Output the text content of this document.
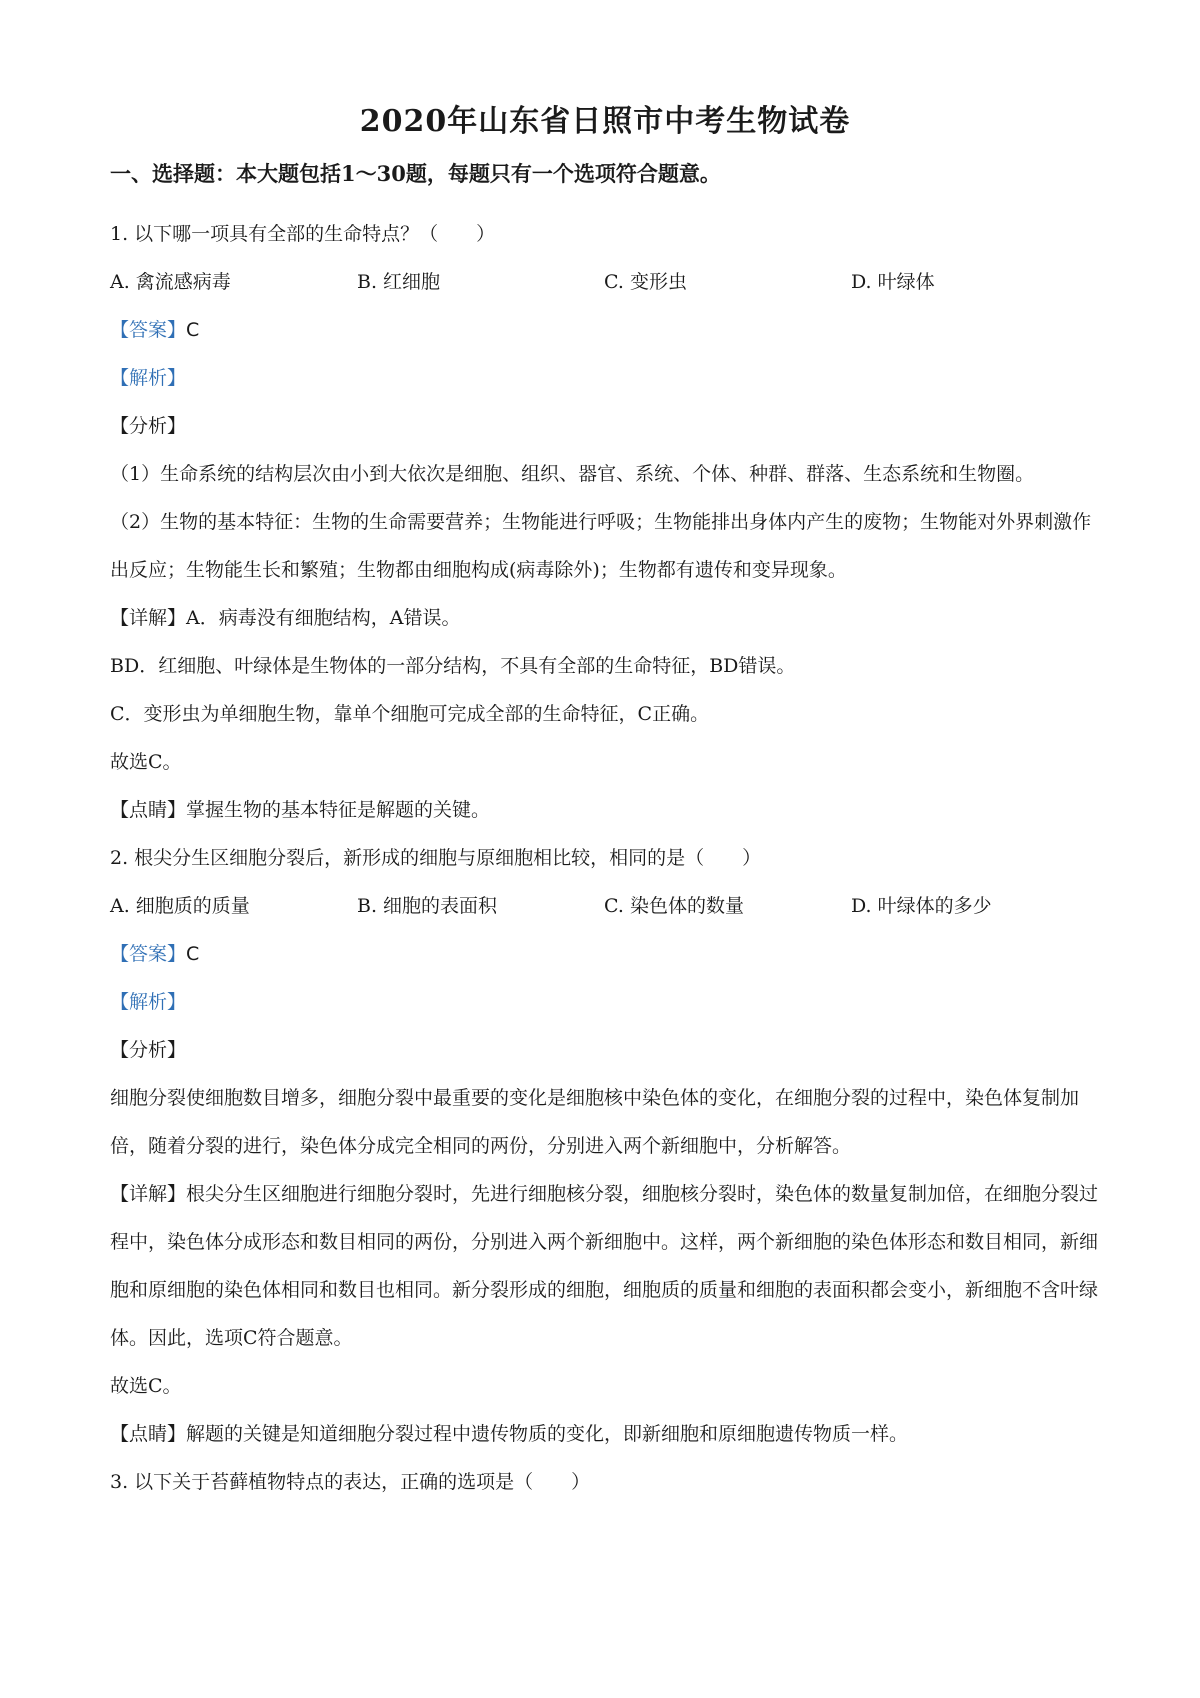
2020年山东省日照市中考生物试卷

一、选择题：本大题包括1～30题，每题只有一个选项符合题意。

1. 以下哪一项具有全部的生命特点？（　　）

A. 禽流感病毒	B. 红细胞	C. 变形虫	D. 叶绿体

【答案】C

【解析】

【分析】

（1）生命系统的结构层次由小到大依次是细胞、组织、器官、系统、个体、种群、群落、生态系统和生物圈。

（2）生物的基本特征：生物的生命需要营养；生物能进行呼吸；生物能排出身体内产生的废物；生物能对外界刺激作出反应；生物能生长和繁殖；生物都由细胞构成(病毒除外)；生物都有遗传和变异现象。

【详解】A．病毒没有细胞结构，A错误。

BD．红细胞、叶绿体是生物体的一部分结构，不具有全部的生命特征，BD错误。

C．变形虫为单细胞生物，靠单个细胞可完成全部的生命特征，C正确。

故选C。

【点睛】掌握生物的基本特征是解题的关键。

2. 根尖分生区细胞分裂后，新形成的细胞与原细胞相比较，相同的是（　　）

A. 细胞质的质量	B. 细胞的表面积	C. 染色体的数量	D. 叶绿体的多少

【答案】C

【解析】

【分析】

细胞分裂使细胞数目增多，细胞分裂中最重要的变化是细胞核中染色体的变化，在细胞分裂的过程中，染色体复制加倍，随着分裂的进行，染色体分成完全相同的两份，分别进入两个新细胞中，分析解答。

【详解】根尖分生区细胞进行细胞分裂时，先进行细胞核分裂，细胞核分裂时，染色体的数量复制加倍，在细胞分裂过程中，染色体分成形态和数目相同的两份，分别进入两个新细胞中。这样，两个新细胞的染色体形态和数目相同，新细胞和原细胞的染色体相同和数目也相同。新分裂形成的细胞，细胞质的质量和细胞的表面积都会变小，新细胞不含叶绿体。因此，选项C符合题意。

故选C。

【点睛】解题的关键是知道细胞分裂过程中遗传物质的变化，即新细胞和原细胞遗传物质一样。

3. 以下关于苔藓植物特点的表达，正确的选项是（　　）
